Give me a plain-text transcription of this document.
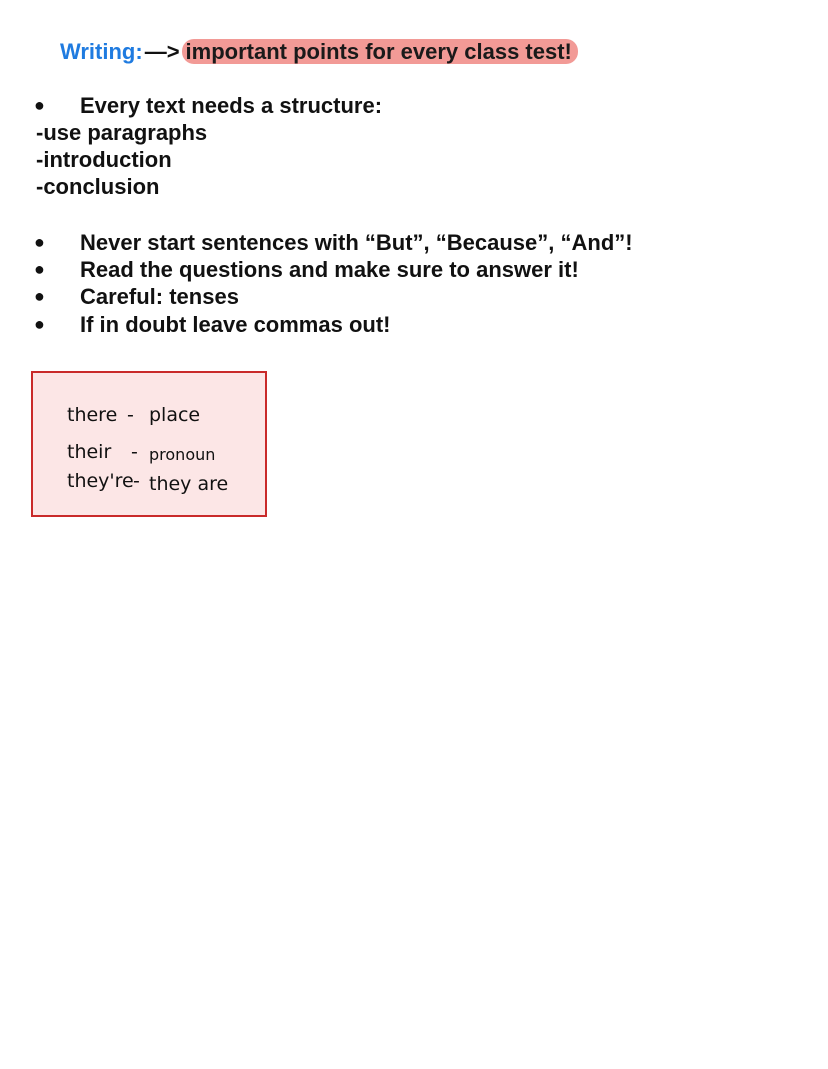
Writing:—> important points for every class test!
● Every text needs a structure:
-use paragraphs
-introduction
-conclusion
● Never start sentences with “But”, “Because”, “And”!
● Read the questions and make sure to answer it!
● Careful: tenses
● If in doubt leave commas out!
there - place
their - pronoun
they're - they are
